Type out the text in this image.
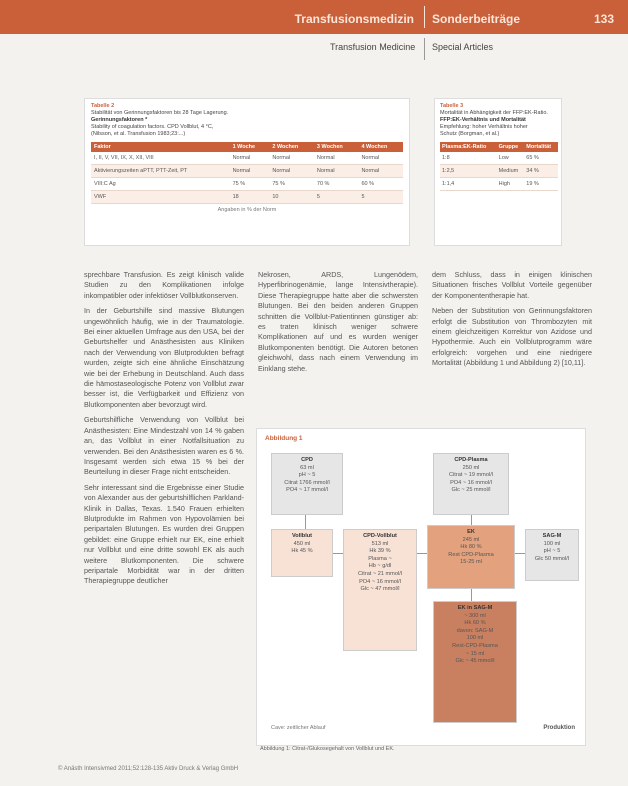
Transfusionsmedizin Sonderbeiträge	133
Transfusion Medicine Special Articles
Tabelle 2
Stabilität von Gerinnungsfaktoren bis 28 Tage Lagerung.
Gerinnungsfaktoren *
Stability of coagulation factors. CPD Vollblut, 4 °C,
(Nilsson, et al. Transfusion 1983;23:...)
Faktor	1 Woche	2 Wochen	3 Wochen	4 Wochen
I, II, V, VII, IX, X, XII, VIII	Normal	Normal	Normal	Normal
Aktivierungszeiten aPTT, PTT-Zeit, PT	Normal	Normal	Normal	Normal
VIII:C Ag	75 %	75 %	70 %	60 %
VWF	18	10	5	5
Angaben in % der Norm
Tabelle 3
Mortalität in Abhängigkeit der FFP:EK-Ratio.
FFP:EK-Verhältnis und Mortalität
Empfehlung: hoher Verhältnis hoher
Schutz (Borgman, et al.)
Plasma:EK-Ratio	Gruppe	Mortalität
1:8	Low	65 %
1:2,5	Medium	34 %
1:1,4	High	19 %

sprechbare Transfusion. Es zeigt klinisch valide Studien zu den Komplikationen infolge inkompatibler oder infektiöser Vollblutkonserven.

In der Geburtshilfe sind massive Blutungen ungewöhnlich häufig, wie in der Traumatologie. Bei einer aktuellen Umfrage aus den USA, bei der Geburtshelfer und Anästhesisten aus Kliniken nach der Verwendung von Blutprodukten befragt wurden, zeigte sich eine ähnliche Einschätzung wie bei der Erhebung in Deutschland. Auch dass die hämostaseologische Potenz von Vollblut zwar besser ist, die Verfügbarkeit und Effizienz von Blutkomponenten aber bevorzugt wird.

Geburtshilfliche Verwendung von Vollblut bei Anästhesisten: Eine Mindestzahl von 14 % gaben an, das Vollblut in einer Notfallsituation zu verwenden. Bei den Anästhesisten waren es 6 %. Insgesamt werden sich etwa 15 % bei der Beurteilung in dieser Frage nicht entscheiden.

Sehr interessant sind die Ergebnisse einer Studie von Alexander aus der geburtshilflichen Parkland-Klinik in Dallas, Texas. 1.540 Frauen erhielten Blutprodukte im Rahmen von Hypovolämien bei peripartalen Blutungen. Es wurden drei Gruppen gebildet: eine Gruppe erhielt nur EK, eine erhielt nur Vollblut und eine dritte sowohl EK als auch weitere Blutkomponenten. Die schwere peripartale Morbidität war in der dritten Therapiegruppe deutlicher

Nekrosen, ARDS, Lungenödem, Hyperfibrinogenämie, lange Intensivtherapie). Diese Therapiegruppe hatte aber die schwersten Blutungen. Bei den beiden anderen Gruppen schnitten die Vollblut-Patientinnen günstiger ab: es traten klinisch weniger schwere Komplikationen auf und es wurden weniger Blutkomponenten benötigt. Die Autoren betonen gleichwohl, dass nach einem Verwendung im Einklang stehe.

dem Schluss, dass in einigen klinischen Situationen frisches Vollblut Vorteile gegenüber der Komponententherapie hat.

Neben der Substitution von Gerinnungsfaktoren erfolgt die Substitution von Thrombozyten mit einem gleichzeitigen Korrektur von Azidose und Hypothermie. Auch ein Vollblutprogramm wäre erfolgreich: vorgehen und eine niedrigere Mortalität (Abbildung 1 und Abbildung 2) [10,11].

Abbildung 1
CPD
63 ml
pH ~ 5
Citrat 1766 mmol/l
PO4 ~ 17 mmol/l
CPD-Plasma
250 ml
Citrat ~ 19 mmol/l
PO4 ~ 16 mmol/l
Glc ~ 25 mmol/l
Vollblut
450 ml
Hk 45 %
CPD-Vollblut
513 ml
Hk 39 %
Plasma ~
Hb ~ g/dl
Citrat ~ 21 mmol/l
PO4 ~ 16 mmol/l
Glc ~ 47 mmol/l
EK
245 ml
Hk 80 %
Rest CPD-Plasma
15-25 ml
SAG-M
100 ml
pH ~ 5
Glc 50 mmol/l
EK in SAG-M
~ 300 ml
Hk 60 %
davon: SAG-M
100 ml
Rest-CPD-Plasma
~ 15 ml
Glc ~ 45 mmol/l
Cave: zeitlicher Ablauf	Produktion
Abbildung 1: Citrat-/Glukosegehalt von Vollblut und EK.
© Anästh Intensivmed 2011;52:128-135 Aktiv Druck & Verlag GmbH
